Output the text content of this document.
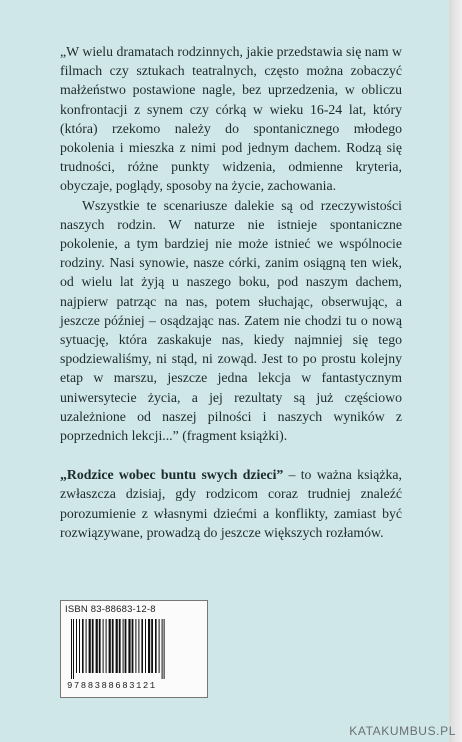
„W wielu dramatach rodzinnych, jakie przedstawia się nam w filmach czy sztukach teatralnych, często można zobaczyć małżeństwo postawione nagle, bez uprzedzenia, w obliczu konfrontacji z synem czy córką w wieku 16-24 lat, który (która) rzekomo należy do spontanicznego młodego pokolenia i mieszka z nimi pod jednym dachem. Rodzą się trudności, różne punkty widzenia, odmienne kryteria, obyczaje, poglądy, sposoby na życie, zachowania.

Wszystkie te scenariusze dalekie są od rzeczywistości naszych rodzin. W naturze nie istnieje spontaniczne pokolenie, a tym bardziej nie może istnieć we wspólnocie rodziny. Nasi synowie, nasze córki, zanim osiągną ten wiek, od wielu lat żyją u naszego boku, pod naszym dachem, najpierw patrząc na nas, potem słuchając, obserwując, a jeszcze później – osądzając nas. Zatem nie chodzi tu o nową sytuację, która zaskakuje nas, kiedy najmniej się tego spodziewaliśmy, ni stąd, ni zowąd. Jest to po prostu kolejny etap w marszu, jeszcze jedna lekcja w fantastycznym uniwersytecie życia, a jej rezultaty są już częściowo uzależnione od naszej pilności i naszych wyników z poprzednich lekcji...” (fragment książki).

„Rodzice wobec buntu swych dzieci” – to ważna książka, zwłaszcza dzisiaj, gdy rodzicom coraz trudniej znaleźć porozumienie z własnymi dziećmi a konflikty, zamiast być rozwiązywane, prowadzą do jeszcze większych rozłamów.

ISBN 83-88683-12-8
9788388683121
KATAKUMBUS.PL
